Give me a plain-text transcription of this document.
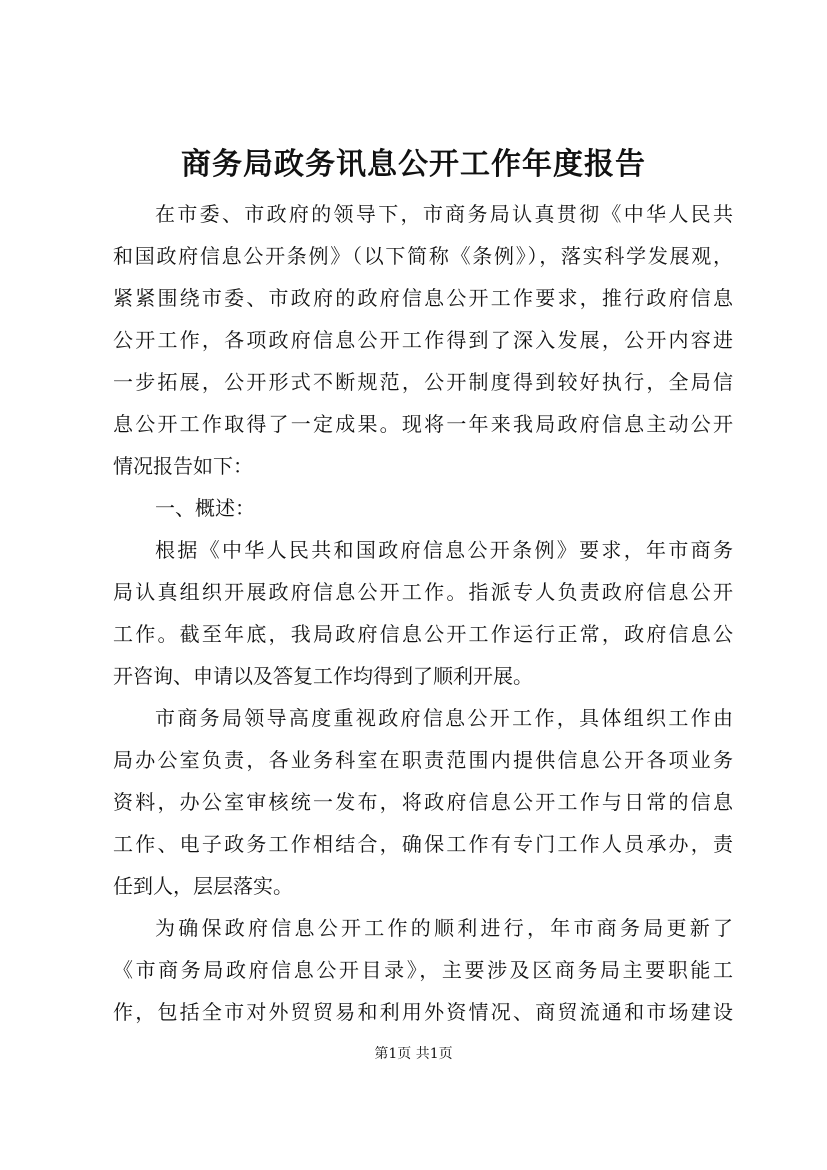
商务局政务讯息公开工作年度报告
在市委、市政府的领导下，市商务局认真贯彻《中华人民共
和国政府信息公开条例》（以下简称《条例》），落实科学发展观，
紧紧围绕市委、市政府的政府信息公开工作要求，推行政府信息
公开工作，各项政府信息公开工作得到了深入发展，公开内容进
一步拓展，公开形式不断规范，公开制度得到较好执行，全局信
息公开工作取得了一定成果。现将一年来我局政府信息主动公开
情况报告如下：
一、概述：
根据《中华人民共和国政府信息公开条例》要求，年市商务
局认真组织开展政府信息公开工作。指派专人负责政府信息公开
工作。截至年底，我局政府信息公开工作运行正常，政府信息公
开咨询、申请以及答复工作均得到了顺利开展。
市商务局领导高度重视政府信息公开工作，具体组织工作由
局办公室负责，各业务科室在职责范围内提供信息公开各项业务
资料，办公室审核统一发布，将政府信息公开工作与日常的信息
工作、电子政务工作相结合，确保工作有专门工作人员承办，责
任到人，层层落实。
为确保政府信息公开工作的顺利进行，年市商务局更新了
《市商务局政府信息公开目录》，主要涉及区商务局主要职能工
作，包括全市对外贸贸易和利用外资情况、商贸流通和市场建设
第1页 共1页
